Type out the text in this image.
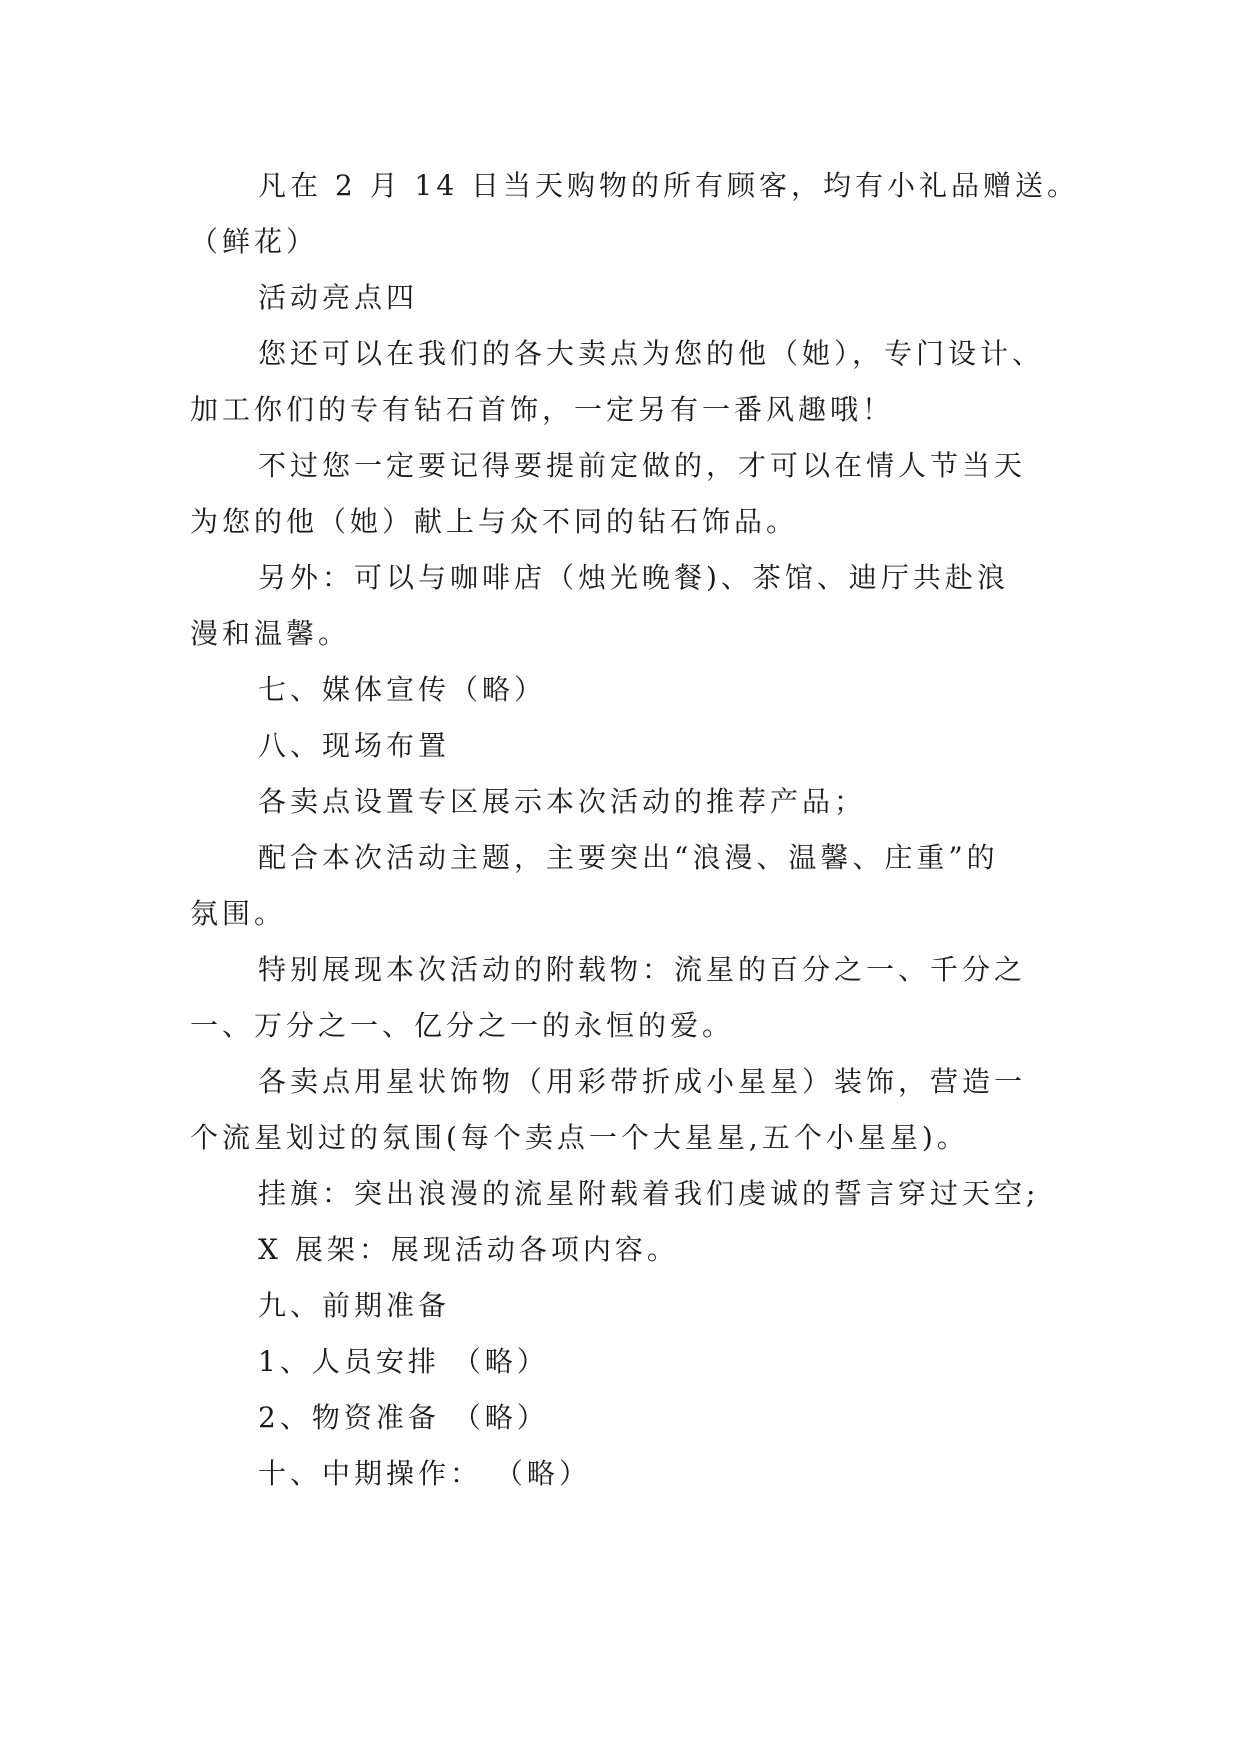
凡在 2 月 14 日当天购物的所有顾客，均有小礼品赠送。

（鲜花）

活动亮点四

您还可以在我们的各大卖点为您的他（她），专门设计、

加工你们的专有钻石首饰，一定另有一番风趣哦！

不过您一定要记得要提前定做的，才可以在情人节当天

为您的他（她）献上与众不同的钻石饰品。

另外：可以与咖啡店（烛光晚餐)、茶馆、迪厅共赴浪

漫和温馨。

七、媒体宣传（略）

八、现场布置

各卖点设置专区展示本次活动的推荐产品；

配合本次活动主题，主要突出“浪漫、温馨、庄重”的

氛围。

特别展现本次活动的附载物：流星的百分之一、千分之

一、万分之一、亿分之一的永恒的爱。

各卖点用星状饰物（用彩带折成小星星）装饰，营造一

个流星划过的氛围(每个卖点一个大星星,五个小星星)。

挂旗：突出浪漫的流星附载着我们虔诚的誓言穿过天空;

X 展架：展现活动各项内容。

九、前期准备

1、人员安排 （略）

2、物资准备 （略）

十、中期操作： （略）
